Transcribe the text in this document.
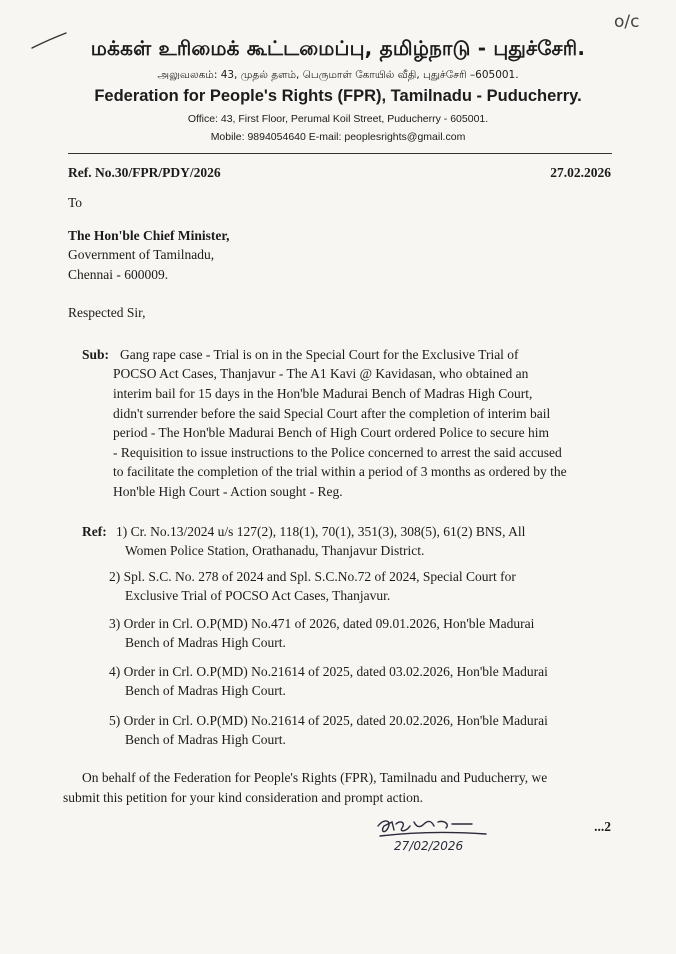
o/c
மக்கள் உரிமைக் கூட்டமைப்பு, தமிழ்நாடு - புதுச்சேரி.
அலுவலகம்: 43, முதல் தளம், பெருமாள் கோயில் வீதி, புதுச்சேரி –605001.
Federation for People's Rights (FPR), Tamilnadu - Puducherry.
Office: 43, First Floor, Perumal Koil Street, Puducherry - 605001.
Mobile: 9894054640 E-mail: peoplesrights@gmail.com
Ref. No.30/FPR/PDY/2026	27.02.2026
To
The Hon'ble Chief Minister,
Government of Tamilnadu,
Chennai - 600009.
Respected Sir,
Sub: Gang rape case - Trial is on in the Special Court for the Exclusive Trial of
POCSO Act Cases, Thanjavur - The A1 Kavi @ Kavidasan, who obtained an
interim bail for 15 days in the Hon'ble Madurai Bench of Madras High Court,
didn't surrender before the said Special Court after the completion of interim bail
period - The Hon'ble Madurai Bench of High Court ordered Police to secure him
- Requisition to issue instructions to the Police concerned to arrest the said accused
to facilitate the completion of the trial within a period of 3 months as ordered by the
Hon'ble High Court - Action sought - Reg.
Ref: 1) Cr. No.13/2024 u/s 127(2), 118(1), 70(1), 351(3), 308(5), 61(2) BNS, All
Women Police Station, Orathanadu, Thanjavur District.
2) Spl. S.C. No. 278 of 2024 and Spl. S.C.No.72 of 2024, Special Court for
Exclusive Trial of POCSO Act Cases, Thanjavur.
3) Order in Crl. O.P(MD) No.471 of 2026, dated 09.01.2026, Hon'ble Madurai
Bench of Madras High Court.
4) Order in Crl. O.P(MD) No.21614 of 2025, dated 03.02.2026, Hon'ble Madurai
Bench of Madras High Court.
5) Order in Crl. O.P(MD) No.21614 of 2025, dated 20.02.2026, Hon'ble Madurai
Bench of Madras High Court.
On behalf of the Federation for People's Rights (FPR), Tamilnadu and Puducherry, we
submit this petition for your kind consideration and prompt action.
27/02/2026
...2
